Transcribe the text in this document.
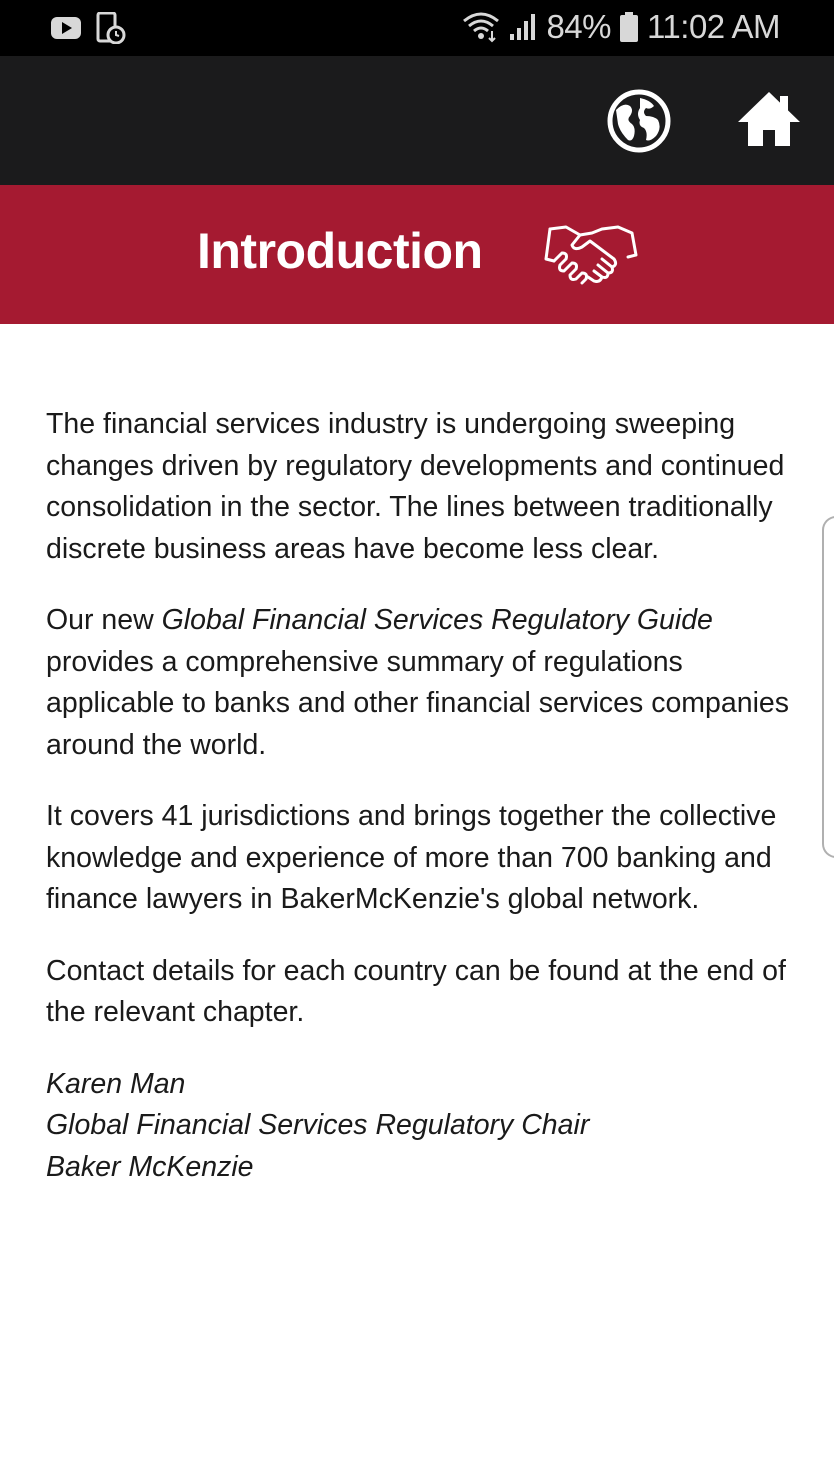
84% 11:02 AM
Introduction

The financial services industry is undergoing sweeping changes driven by regulatory developments and continued consolidation in the sector. The lines between traditionally discrete business areas have become less clear.

Our new Global Financial Services Regulatory Guide provides a comprehensive summary of regulations applicable to banks and other financial services companies around the world.

It covers 41 jurisdictions and brings together the collective knowledge and experience of more than 700 banking and finance lawyers in BakerMcKenzie's global network.

Contact details for each country can be found at the end of the relevant chapter.

Karen Man
Global Financial Services Regulatory Chair
Baker McKenzie
